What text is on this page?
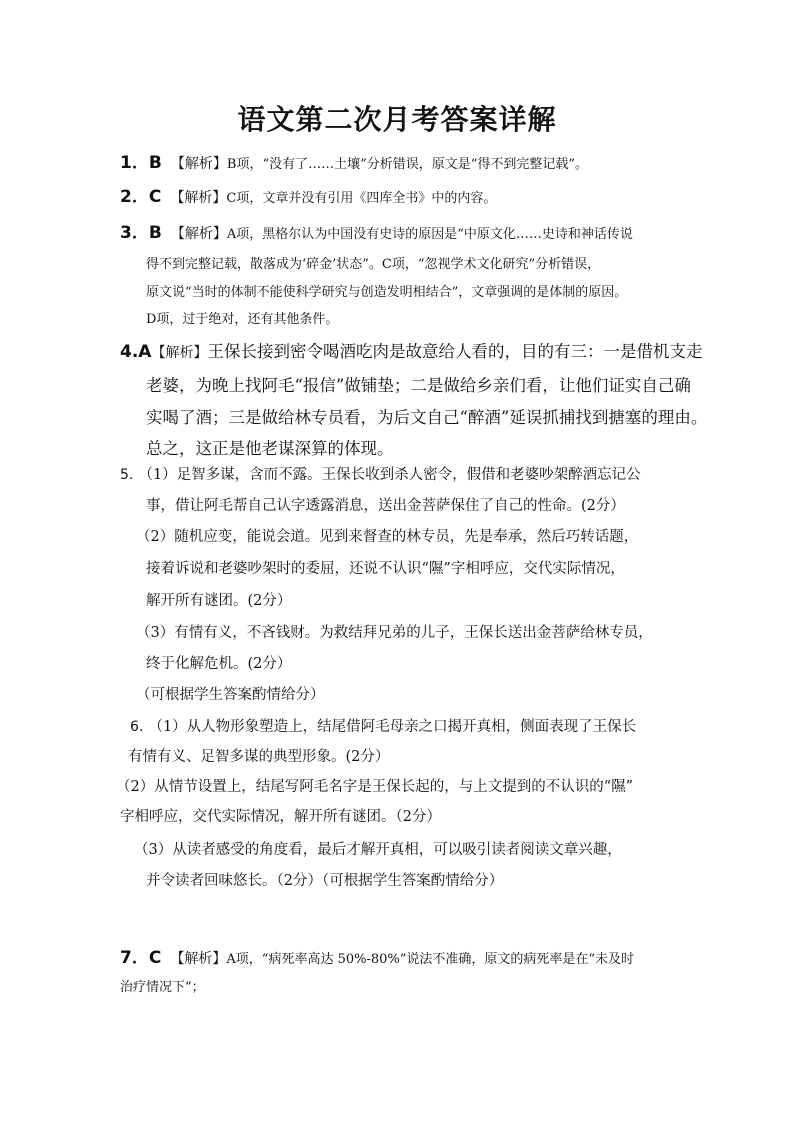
语文第二次月考答案详解
1．B 【解析】B项，“没有了……土壤”分析错误，原文是“得不到完整记载”。
2．C 【解析】C项，文章并没有引用《四库全书》中的内容。
3．B 【解析】A项，黑格尔认为中国没有史诗的原因是“中原文化……史诗和神话传说
得不到完整记载，散落成为‘碎金’状态”。C项，“忽视学术文化研究”分析错误，
原文说“当时的体制不能使科学研究与创造发明相结合”，文章强调的是体制的原因。
D项，过于绝对，还有其他条件。
4.A【解析】王保长接到密令喝酒吃肉是故意给人看的，目的有三：一是借机支走
老婆，为晚上找阿毛“报信”做铺垫；二是做给乡亲们看，让他们证实自己确
实喝了酒；三是做给林专员看，为后文自己“醉酒”延误抓捕找到搪塞的理由。
总之，这正是他老谋深算的体现。
5. （1）足智多谋，含而不露。王保长收到杀人密令，假借和老婆吵架醉酒忘记公
事，借让阿毛帮自己认字透露消息，送出金菩萨保住了自己的性命。(2分）
（2）随机应变，能说会道。见到来督查的林专员，先是奉承，然后巧转话题，
接着诉说和老婆吵架时的委屈，还说不认识“隰”字相呼应，交代实际情况，
解开所有谜团。(2分）
（3）有情有义，不吝钱财。为救结拜兄弟的儿子，王保长送出金菩萨给林专员，
终于化解危机。(2分）
（可根据学生答案酌情给分）
6. （1）从人物形象塑造上，结尾借阿毛母亲之口揭开真相，侧面表现了王保长
有情有义、足智多谋的典型形象。(2分）
（2）从情节设置上，结尾写阿毛名字是王保长起的，与上文提到的不认识的“隰”
字相呼应，交代实际情况，解开所有谜团。（2分）
（3）从读者感受的角度看，最后才解开真相，可以吸引读者阅读文章兴趣，
并令读者回味悠长。（2分）（可根据学生答案酌情给分）
7．C 【解析】A项，“病死率高达 50%-80%”说法不准确，原文的病死率是在“未及时
治疗情况下”；
